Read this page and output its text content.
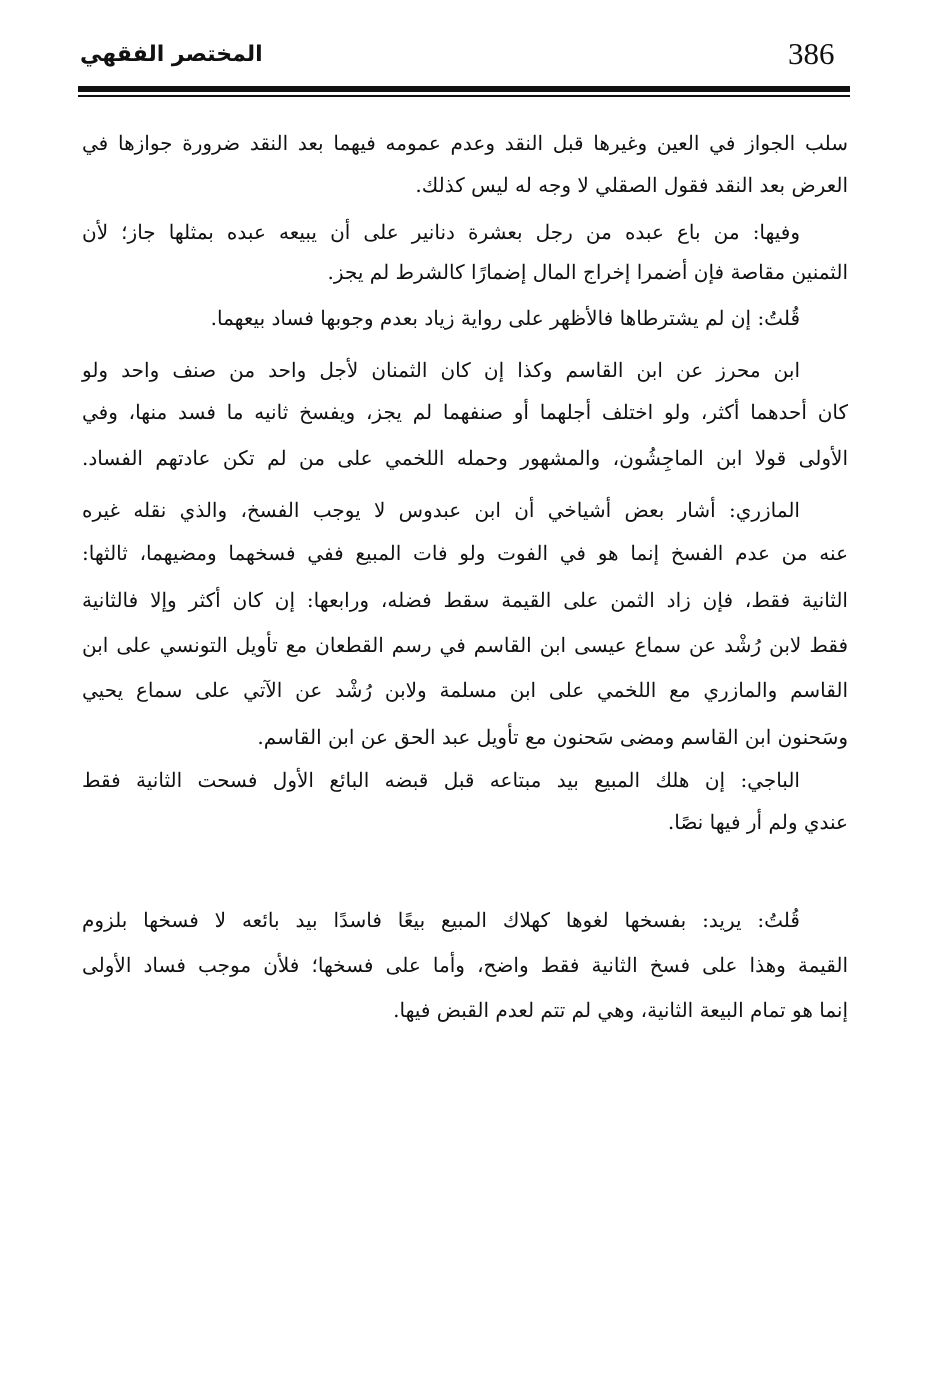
386
المختصر الفقهي
سلب الجواز في العين وغيرها قبل النقد وعدم عمومه فيهما بعد النقد ضرورة جوازها في
العرض بعد النقد فقول الصقلي لا وجه له ليس كذلك.
وفيها: من باع عبده من رجل بعشرة دنانير على أن يبيعه عبده بمثلها جاز؛ لأن
الثمنين مقاصة فإن أضمرا إخراج المال إضمارًا كالشرط لم يجز.
قُلتُ: إن لم يشترطاها فالأظهر على رواية زياد بعدم وجوبها فساد بيعهما.
ابن محرز عن ابن القاسم وكذا إن كان الثمنان لأجل واحد من صنف واحد ولو
كان أحدهما أكثر، ولو اختلف أجلهما أو صنفهما لم يجز، ويفسخ ثانيه ما فسد منها، وفي
الأولى قولا ابن الماجِشُون، والمشهور وحمله اللخمي على من لم تكن عادتهم الفساد.
المازري: أشار بعض أشياخي أن ابن عبدوس لا يوجب الفسخ، والذي نقله غيره
عنه من عدم الفسخ إنما هو في الفوت ولو فات المبيع ففي فسخهما ومضيهما، ثالثها:
الثانية فقط، فإن زاد الثمن على القيمة سقط فضله، ورابعها: إن كان أكثر وإلا فالثانية
فقط لابن رُشْد عن سماع عيسى ابن القاسم في رسم القطعان مع تأويل التونسي على ابن
القاسم والمازري مع اللخمي على ابن مسلمة ولابن رُشْد عن الآتي على سماع يحيي
وسَحنون ابن القاسم ومضى سَحنون مع تأويل عبد الحق عن ابن القاسم.
الباجي: إن هلك المبيع بيد مبتاعه قبل قبضه البائع الأول فسحت الثانية فقط
عندي ولم أر فيها نصًا.
قُلتُ: يريد: بفسخها لغوها كهلاك المبيع بيعًا فاسدًا بيد بائعه لا فسخها بلزوم
القيمة وهذا على فسخ الثانية فقط واضح، وأما على فسخها؛ فلأن موجب فساد الأولى
إنما هو تمام البيعة الثانية، وهي لم تتم لعدم القبض فيها.
